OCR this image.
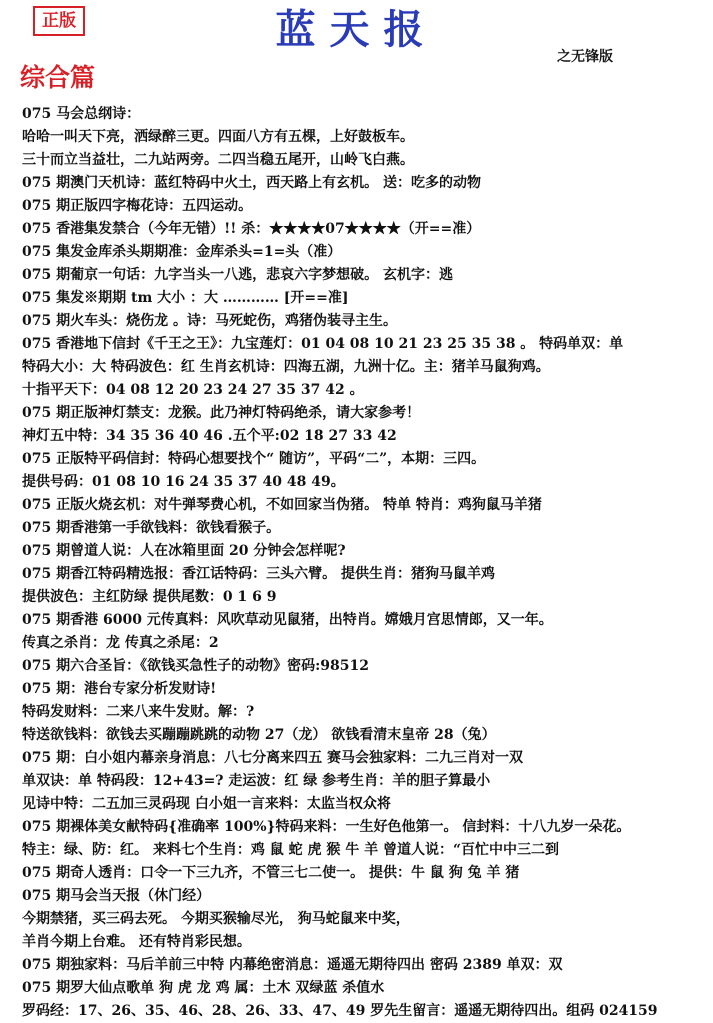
正版	蓝天报
之无锋版
综合篇
075 马会总纲诗：
哈哈一叫天下亮，洒绿醉三更。四面八方有五棵，上好鼓板车。
三十而立当益壮，二九站两旁。二四当稳五尾开，山岭飞白燕。
075 期澳门天机诗：蓝红特码中火土，西天路上有玄机。 送：吃多的动物
075 期正版四字梅花诗：五四运动。
075 香港集发禁合（今年无错）!! 杀：★★★★07★★★★（开==准）
075 集发金库杀头期期准：金库杀头=1=头（准）
075 期葡京一句话：九字当头一八逃，悲哀六字梦想破。 玄机字：逃
075 集发※期期 tm 大小 ：大 ………… [开==准]
075 期火车头：烧伤龙 。诗：马死蛇伤，鸡猪伪装寻主生。
075 香港地下信封《千王之王》：九宝莲灯：01 04 08 10 21 23 25 35 38 。 特码单双：单
特码大小：大 特码波色：红 生肖玄机诗：四海五湖，九洲十亿。主：猪羊马鼠狗鸡。
十指平天下：04 08 12 20 23 24 27 35 37 42 。
075 期正版神灯禁支：龙猴。此乃神灯特码绝杀，请大家参考！
神灯五中特：34 35 36 40 46 .五个平:02 18 27 33 42
075 正版特平码信封：特码心想要找个“ 随访”，平码“二”，本期：三四。
提供号码：01 08 10 16 24 35 37 40 48 49。
075 正版火烧玄机：对牛弹琴费心机，不如回家当伪猪。 特单 特肖：鸡狗鼠马羊猪
075 期香港第一手欲钱料：欲钱看猴子。
075 期曾道人说：人在冰箱里面 20 分钟会怎样呢?
075 期香江特码精选报：香江话特码：三头六臂。 提供生肖：猪狗马鼠羊鸡
提供波色：主红防绿 提供尾数：0 1 6 9
075 期香港 6000 元传真料：风吹草动见鼠猪，出特肖。嫦娥月宫思情郎，又一年。
传真之杀肖：龙 传真之杀尾：2
075 期六合圣旨：《欲钱买急性子的动物》密码:98512
075 期：港台专家分析发财诗!
特码发财料：二来八来牛发财。解：?
特送欲钱料：欲钱去买蹦蹦跳跳的动物 27（龙） 欲钱看清末皇帝 28（兔）
075 期：白小姐内幕亲身消息：八七分离来四五 赛马会独家料：二九三肖对一双
单双诀：单 特码段：12+43=? 走运波：红 绿 参考生肖：羊的胆子算最小
见诗中特：二五加三灵码现 白小姐一言来料：太监当权众将
075 期裸体美女献特码{准确率 100%}特码来料：一生好色他第一。 信封料：十八九岁一朵花。
特主：绿、防：红。 来料七个生肖：鸡 鼠 蛇 虎 猴 牛 羊 曾道人说：“百忙中中三二到
075 期奇人透肖：口令一下三九齐，不管三七二使一。 提供：牛 鼠 狗 兔 羊 猪
075 期马会当天报（休门经）
今期禁猪，买三码去死。 今期买猴输尽光， 狗马蛇鼠来中奖，
羊肖今期上台难。 还有特肖彩民想。
075 期独家料：马后羊前三中特 内幕绝密消息：遥遥无期待四出 密码 2389 单双：双
075 期罗大仙点歌单 狗 虎 龙 鸡 属：土木 双绿蓝 杀值水
罗码经：17、26、35、46、28、26、33、47、49 罗先生留言：遥遥无期待四出。组码 024159
